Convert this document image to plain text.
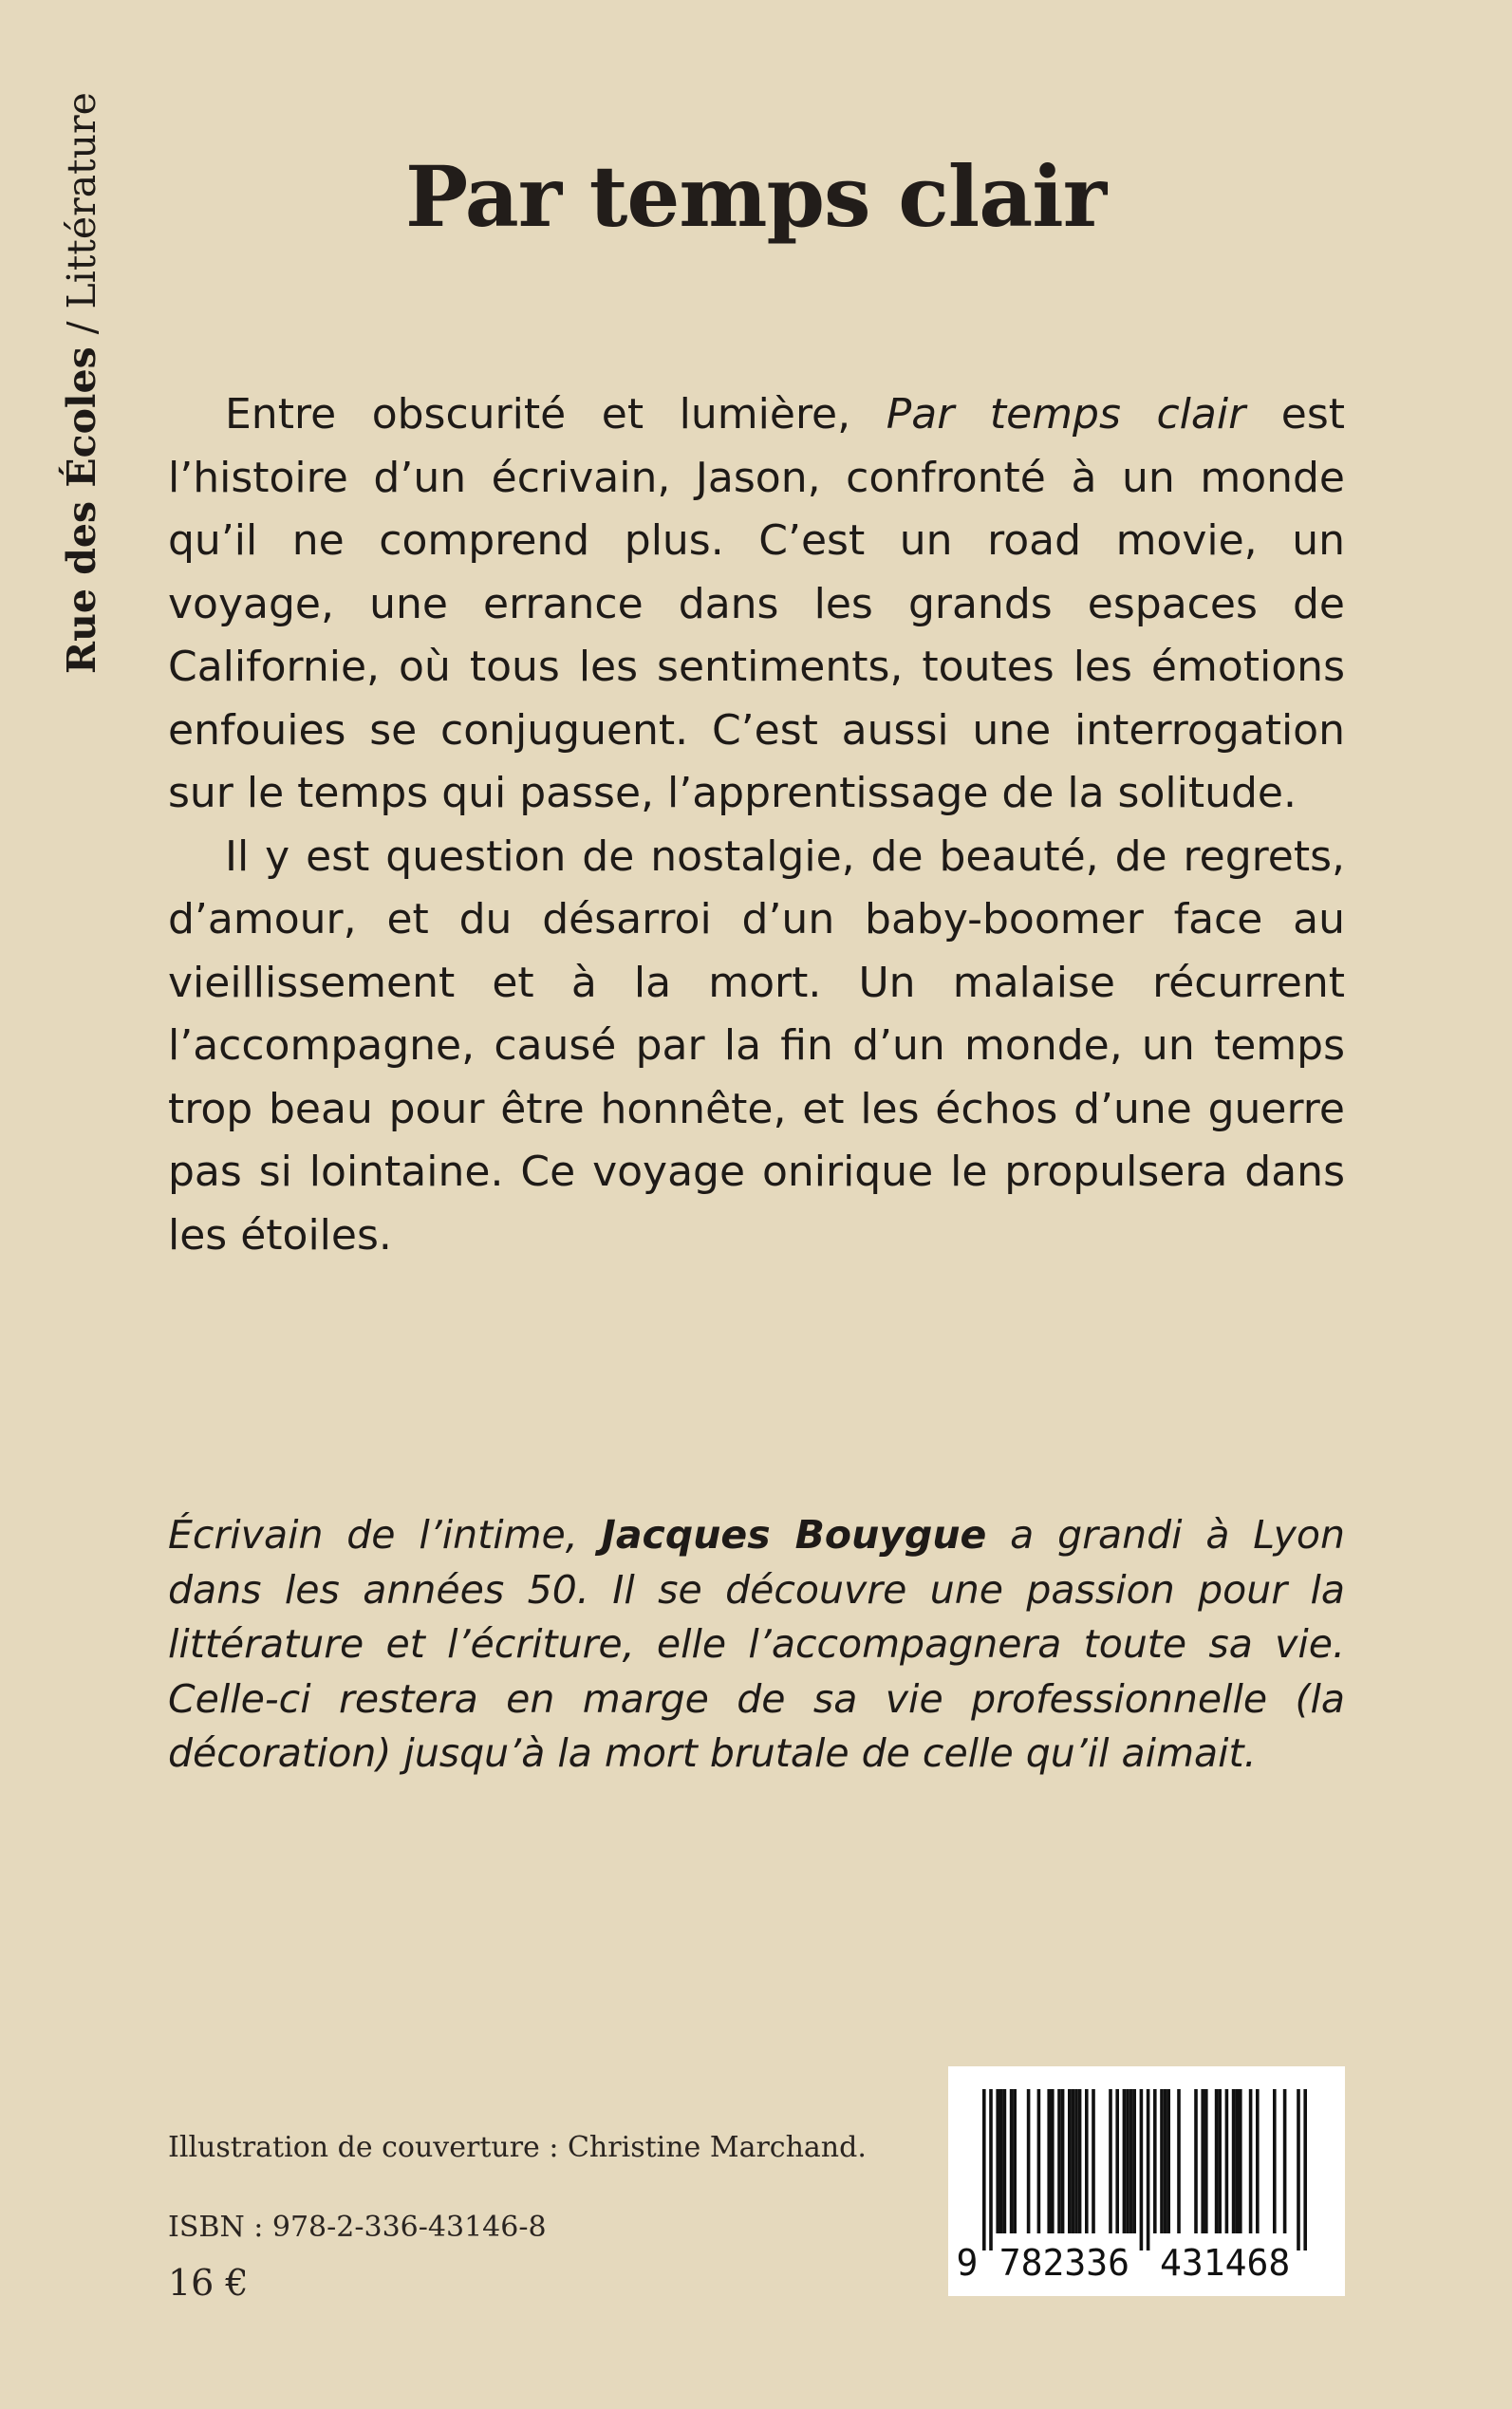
Rue des Écoles / Littérature	Par temps clair

Entre obscurité et lumière, Par temps clair est l’histoire d’un écrivain, Jason, confronté à un monde qu’il ne comprend plus. C’est un road movie, un voyage, une errance dans les grands espaces de Californie, où tous les sentiments, toutes les émotions enfouies se conjuguent. C’est aussi une interrogation sur le temps qui passe, l’apprentissage de la solitude.

Il y est question de nostalgie, de beauté, de regrets, d’amour, et du désarroi d’un baby-boomer face au vieillissement et à la mort. Un malaise récurrent l’accompagne, causé par la fin d’un monde, un temps trop beau pour être honnête, et les échos d’une guerre pas si lointaine. Ce voyage onirique le propulsera dans les étoiles.

Écrivain de l’intime, Jacques Bouygue a grandi à Lyon dans les années 50. Il se découvre une passion pour la littérature et l’écriture, elle l’accompagnera toute sa vie. Celle-ci restera en marge de sa vie professionnelle (la décoration) jusqu’à la mort brutale de celle qu’il aimait.

Illustration de couverture : Christine Marchand.

ISBN : 978-2-336-43146-8

16 €	9 782336 431468
